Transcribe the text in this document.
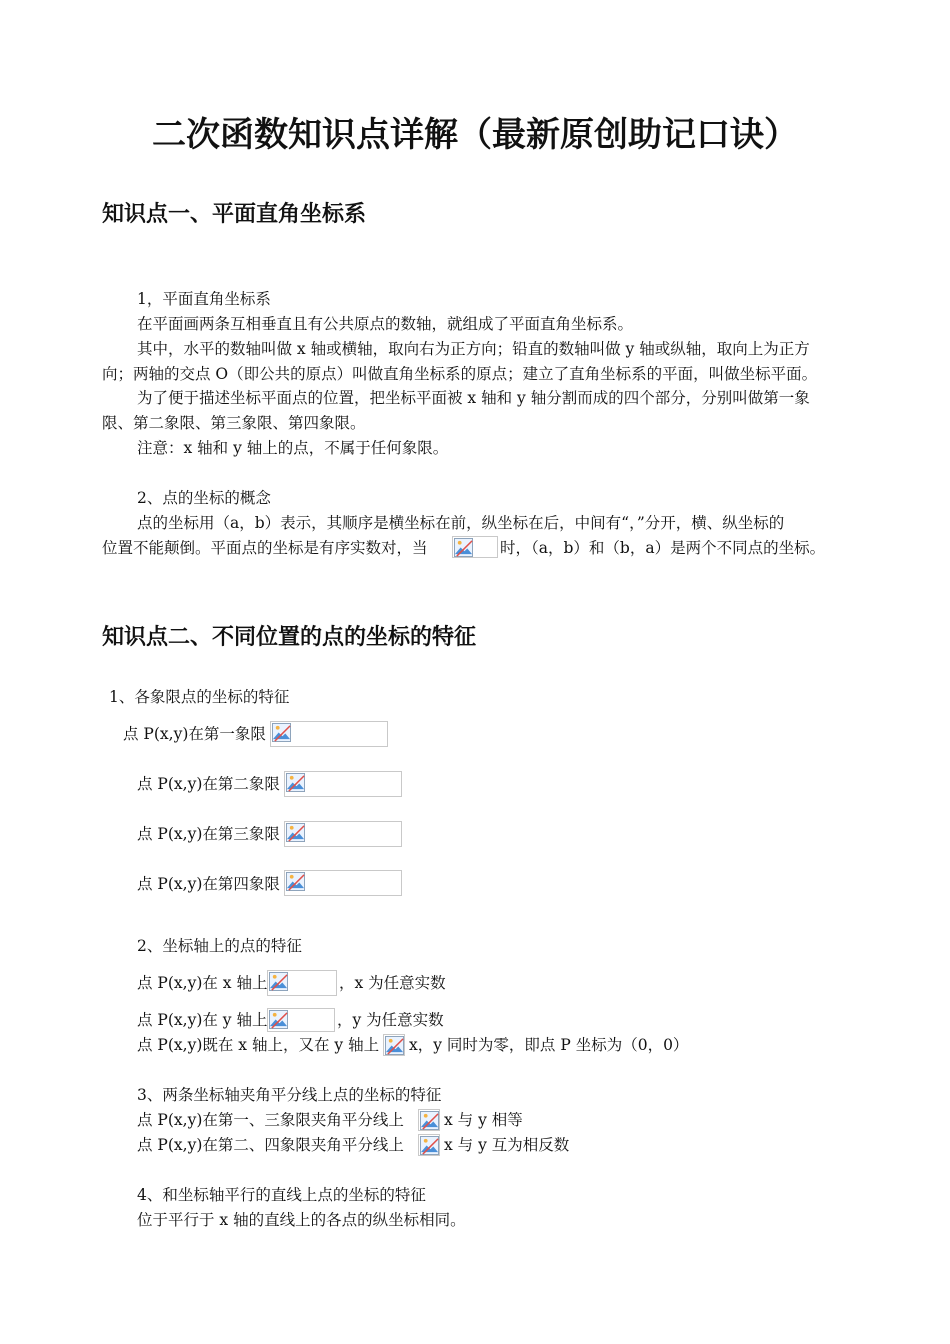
二次函数知识点详解（最新原创助记口诀）
知识点一、平面直角坐标系
1，平面直角坐标系
在平面画两条互相垂直且有公共原点的数轴，就组成了平面直角坐标系。
其中，水平的数轴叫做 x 轴或横轴，取向右为正方向；铅直的数轴叫做 y 轴或纵轴，取向上为正方
向；两轴的交点 O（即公共的原点）叫做直角坐标系的原点；建立了直角坐标系的平面，叫做坐标平面。
为了便于描述坐标平面点的位置，把坐标平面被 x 轴和 y 轴分割而成的四个部分，分别叫做第一象
限、第二象限、第三象限、第四象限。
注意：x 轴和 y 轴上的点，不属于任何象限。
2、点的坐标的概念
点的坐标用（a，b）表示，其顺序是横坐标在前，纵坐标在后，中间有“，”分开，横、纵坐标的
位置不能颠倒。平面点的坐标是有序实数对，当	时，（a，b）和（b，a）是两个不同点的坐标。
知识点二、不同位置的点的坐标的特征
1、各象限点的坐标的特征
点 P(x,y)在第一象限
点 P(x,y)在第二象限
点 P(x,y)在第三象限
点 P(x,y)在第四象限
2、坐标轴上的点的特征
点 P(x,y)在 x 轴上	，x 为任意实数
点 P(x,y)在 y 轴上	，y 为任意实数
点 P(x,y)既在 x 轴上，又在 y 轴上 x，y 同时为零，即点 P 坐标为（0，0）
3、两条坐标轴夹角平分线上点的坐标的特征
点 P(x,y)在第一、三象限夹角平分线上	x 与 y 相等
点 P(x,y)在第二、四象限夹角平分线上	x 与 y 互为相反数
4、和坐标轴平行的直线上点的坐标的特征
位于平行于 x 轴的直线上的各点的纵坐标相同。
